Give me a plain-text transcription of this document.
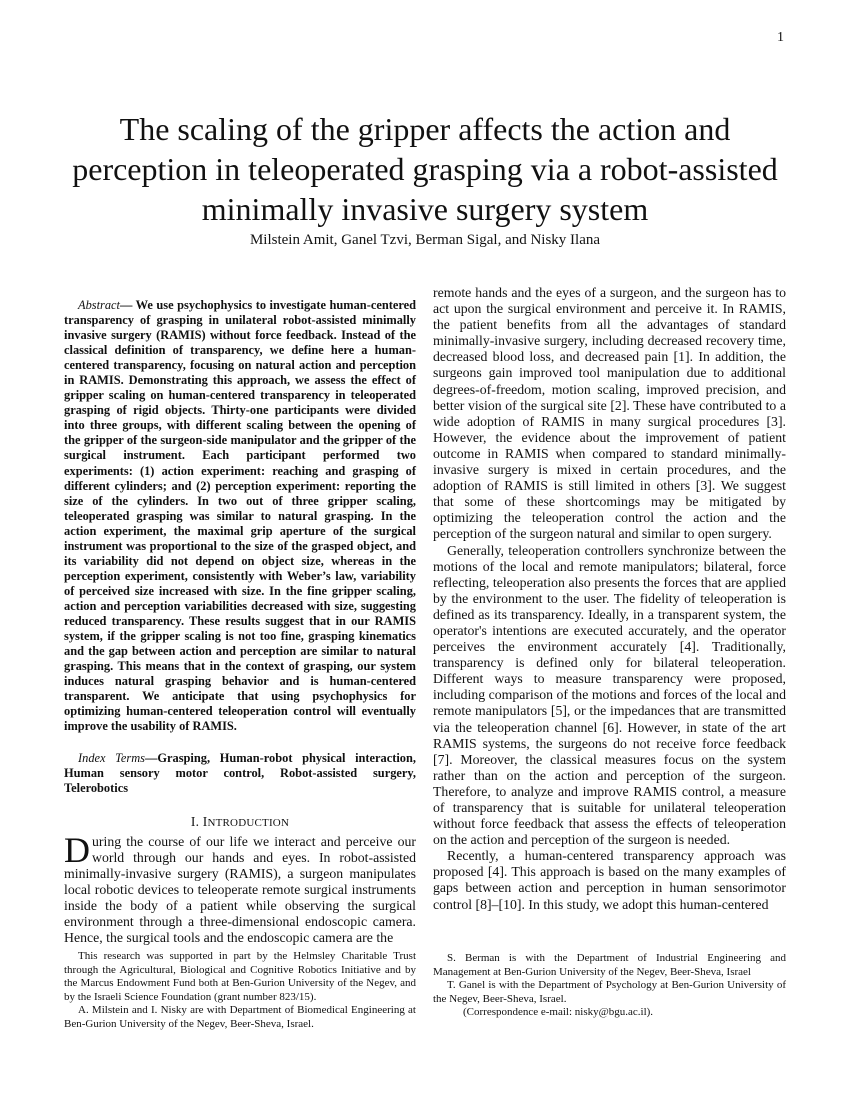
1
The scaling of the gripper affects the action and perception in teleoperated grasping via a robot-assisted minimally invasive surgery system
Milstein Amit, Ganel Tzvi, Berman Sigal, and Nisky Ilana

Abstract— We use psychophysics to investigate human-centered transparency of grasping in unilateral robot-assisted minimally invasive surgery (RAMIS) without force feedback. Instead of the classical definition of transparency, we define here a human-centered transparency, focusing on natural action and perception in RAMIS. Demonstrating this approach, we assess the effect of gripper scaling on human-centered transparency in teleoperated grasping of rigid objects. Thirty-one participants were divided into three groups, with different scaling between the opening of the gripper of the surgeon-side manipulator and the gripper of the surgical instrument. Each participant performed two experiments: (1) action experiment: reaching and grasping of different cylinders; and (2) perception experiment: reporting the size of the cylinders. In two out of three gripper scaling, teleoperated grasping was similar to natural grasping. In the action experiment, the maximal grip aperture of the surgical instrument was proportional to the size of the grasped object, and its variability did not depend on object size, whereas in the perception experiment, consistently with Weber’s law, variability of perceived size increased with size. In the fine gripper scaling, action and perception variabilities decreased with size, suggesting reduced transparency. These results suggest that in our RAMIS system, if the gripper scaling is not too fine, grasping kinematics and the gap between action and perception are similar to natural grasping. This means that in the context of grasping, our system induces natural grasping behavior and is human-centered transparent. We anticipate that using psychophysics for optimizing human-centered teleoperation control will eventually improve the usability of RAMIS.

Index Terms—Grasping, Human-robot physical interaction, Human sensory motor control, Robot-assisted surgery, Telerobotics

I. INTRODUCTION
D uring the course of our life we interact and perceive our world through our hands and eyes. In robot-assisted minimally-invasive surgery (RAMIS), a surgeon manipulates local robotic devices to teleoperate remote surgical instruments inside the body of a patient while observing the surgical environment through a three-dimensional endoscopic camera. Hence, the surgical tools and the endoscopic camera are the

remote hands and the eyes of a surgeon, and the surgeon has to act upon the surgical environment and perceive it. In RAMIS, the patient benefits from all the advantages of standard minimally-invasive surgery, including decreased recovery time, decreased blood loss, and decreased pain [1]. In addition, the surgeons gain improved tool manipulation due to additional degrees-of-freedom, motion scaling, improved precision, and better vision of the surgical site [2]. These have contributed to a wide adoption of RAMIS in many surgical procedures [3]. However, the evidence about the improvement of patient outcome in RAMIS when compared to standard minimally-invasive surgery is mixed in certain procedures, and the adoption of RAMIS is still limited in others [3]. We suggest that some of these shortcomings may be mitigated by optimizing the teleoperation control the action and the perception of the surgeon natural and similar to open surgery.

Generally, teleoperation controllers synchronize between the motions of the local and remote manipulators; bilateral, force reflecting, teleoperation also presents the forces that are applied by the environment to the user. The fidelity of teleoperation is defined as its transparency. Ideally, in a transparent system, the operator's intentions are executed accurately, and the operator perceives the environment accurately [4]. Traditionally, transparency is defined only for bilateral teleoperation. Different ways to measure transparency were proposed, including comparison of the motions and forces of the local and remote manipulators [5], or the impedances that are transmitted via the teleoperation channel [6]. However, in state of the art RAMIS systems, the surgeons do not receive force feedback [7]. Moreover, the classical measures focus on the system rather than on the action and perception of the surgeon. Therefore, to analyze and improve RAMIS control, a measure of transparency that is suitable for unilateral teleoperation without force feedback that assess the effects of teleoperation on the action and perception of the surgeon is needed.

Recently, a human-centered transparency approach was proposed [4]. This approach is based on the many examples of gaps between action and perception in human sensorimotor control [8]–[10]. In this study, we adopt this human-centered

This research was supported in part by the Helmsley Charitable Trust through the Agricultural, Biological and Cognitive Robotics Initiative and by the Marcus Endowment Fund both at Ben-Gurion University of the Negev, and by the Israeli Science Foundation (grant number 823/15).

A. Milstein and I. Nisky are with Department of Biomedical Engineering at Ben-Gurion University of the Negev, Beer-Sheva, Israel.

S. Berman is with the Department of Industrial Engineering and Management at Ben-Gurion University of the Negev, Beer-Sheva, Israel

T. Ganel is with the Department of Psychology at Ben-Gurion University of the Negev, Beer-Sheva, Israel.

(Correspondence e-mail: nisky@bgu.ac.il).
